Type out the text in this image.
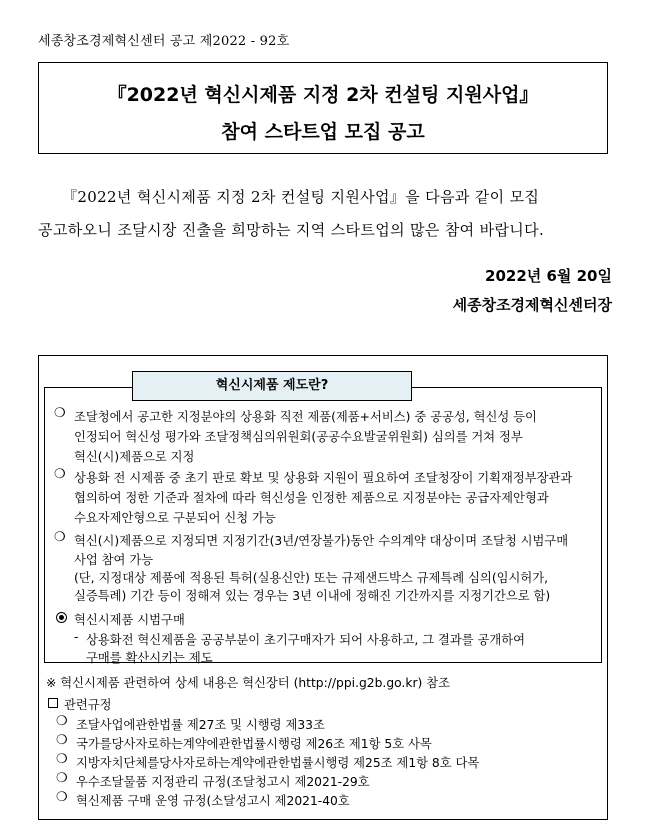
세종창조경제혁신센터 공고 제2022 - 92호
『2022년 혁신시제품 지정 2차 컨설팅 지원사업』
참여 스타트업 모집 공고
『2022년 혁신시제품 지정 2차 컨설팅 지원사업』을 다음과 같이 모집
공고하오니 조달시장 진출을 희망하는 지역 스타트업의 많은 참여 바랍니다.
2022년 6월 20일
세종창조경제혁신센터장
혁신시제품 제도란?
❍ 조달청에서 공고한 지정분야의 상용화 직전 제품(제품+서비스) 중 공공성, 혁신성 등이
인정되어 혁신성 평가와 조달정책심의위원회(공공수요발굴위원회) 심의를 거쳐 정부
혁신(시)제품으로 지정
❍ 상용화 전 시제품 중 초기 판로 확보 및 상용화 지원이 필요하여 조달청장이 기획재정부장관과
협의하여 정한 기준과 절차에 따라 혁신성을 인정한 제품으로 지정분야는 공급자제안형과
수요자제안형으로 구분되어 신청 가능
❍ 혁신(시)제품으로 지정되면 지정기간(3년/연장불가)동안 수의계약 대상이며 조달청 시범구매
사업 참여 가능
(단, 지정대상 제품에 적용된 특허(실용신안) 또는 규제샌드박스 규제특례 심의(임시허가,
실증특례) 기간 등이 정해져 있는 경우는 3년 이내에 정해진 기간까지를 지정기간으로 함)
혁신시제품 시범구매
- 상용화전 혁신제품을 공공부분이 초기구매자가 되어 사용하고, 그 결과를 공개하여
구매를 확산시키는 제도
※ 혁신시제품 관련하여 상세 내용은 혁신장터 (http://ppi.g2b.go.kr) 참조
관련규정
❍ 조달사업에관한법률 제27조 및 시행령 제33조
❍ 국가를당사자로하는계약에관한법률시행령 제26조 제1항 5호 사목
❍ 지방자치단체를당사자로하는계약에관한법률시행령 제25조 제1항 8호 다목
❍ 우수조달물품 지정관리 규정(조달청고시 제2021-29호
❍ 혁신제품 구매 운영 규정(소달성고시 제2021-40호
